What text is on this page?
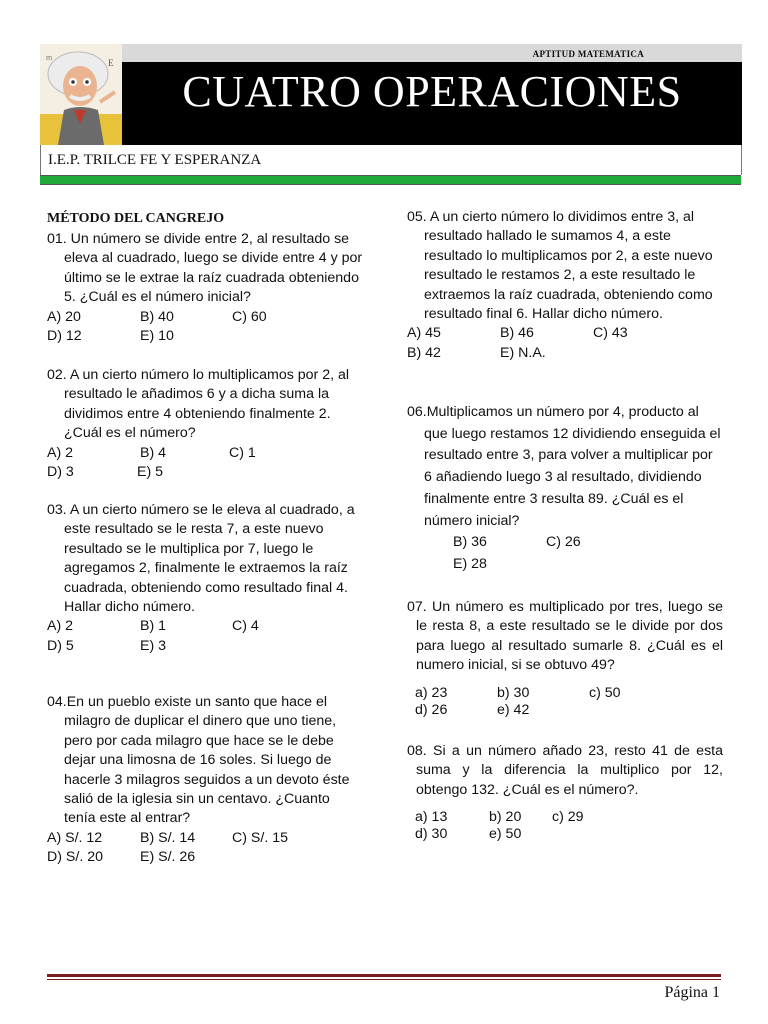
E
m	APTITUD MATEMATICA
CUATRO OPERACIONES
I.E.P. TRILCE FE Y ESPERANZA
MÉTODO DEL CANGREJO
01. Un número se divide entre 2, al resultado se eleva al cuadrado, luego se divide entre 4 y por último se le extrae la raíz cuadrada obteniendo 5. ¿Cuál es el número inicial?
A) 20	B) 40	C) 60
D) 12	E) 10
02. A un cierto número lo multiplicamos por 2, al resultado le añadimos 6 y a dicha suma la dividimos entre 4 obteniendo finalmente 2. ¿Cuál es el número?
A) 2	B) 4	C) 1
D) 3	E) 5
03. A un cierto número se le eleva al cuadrado, a este resultado se le resta 7, a este nuevo resultado se le multiplica por 7, luego le agregamos 2, finalmente le extraemos la raíz cuadrada, obteniendo como resultado final 4. Hallar dicho número.
A) 2	B) 1	C) 4
D) 5	E) 3
04.En un pueblo existe un santo que hace el milagro de duplicar el dinero que uno tiene, pero por cada milagro que hace se le debe dejar una limosna de 16 soles. Si luego de hacerle 3 milagros seguidos a un devoto éste salió de la iglesia sin un centavo. ¿Cuanto tenía este al entrar?
A) S/. 12	B) S/. 14	C) S/. 15
D) S/. 20	E) S/. 26
05. A un cierto número lo dividimos entre 3, al resultado hallado le sumamos 4, a este resultado lo multiplicamos por 2, a este nuevo resultado le restamos 2, a este resultado le extraemos la raíz cuadrada, obteniendo como resultado final 6. Hallar dicho número.
A) 45	B) 46	C) 43
B) 42	E) N.A.
06.Multiplicamos un número por 4, producto al que luego restamos 12 dividiendo enseguida el resultado entre 3, para volver a multiplicar por 6 añadiendo luego 3 al resultado, dividiendo finalmente entre 3 resulta 89. ¿Cuál es el número inicial?
B) 36	C) 26
E) 28
07. Un número es multiplicado por tres, luego se le resta 8, a este resultado se le divide por dos para luego al resultado sumarle 8. ¿Cuál es el numero inicial, si se obtuvo 49?
a) 23	b) 30	c) 50
d) 26	e) 42
08. Si a un número añado 23, resto 41 de esta suma y la diferencia la multiplico por 12, obtengo 132. ¿Cuál es el número?.
a) 13	b) 20 c) 29
d) 30	e) 50
Página 1
